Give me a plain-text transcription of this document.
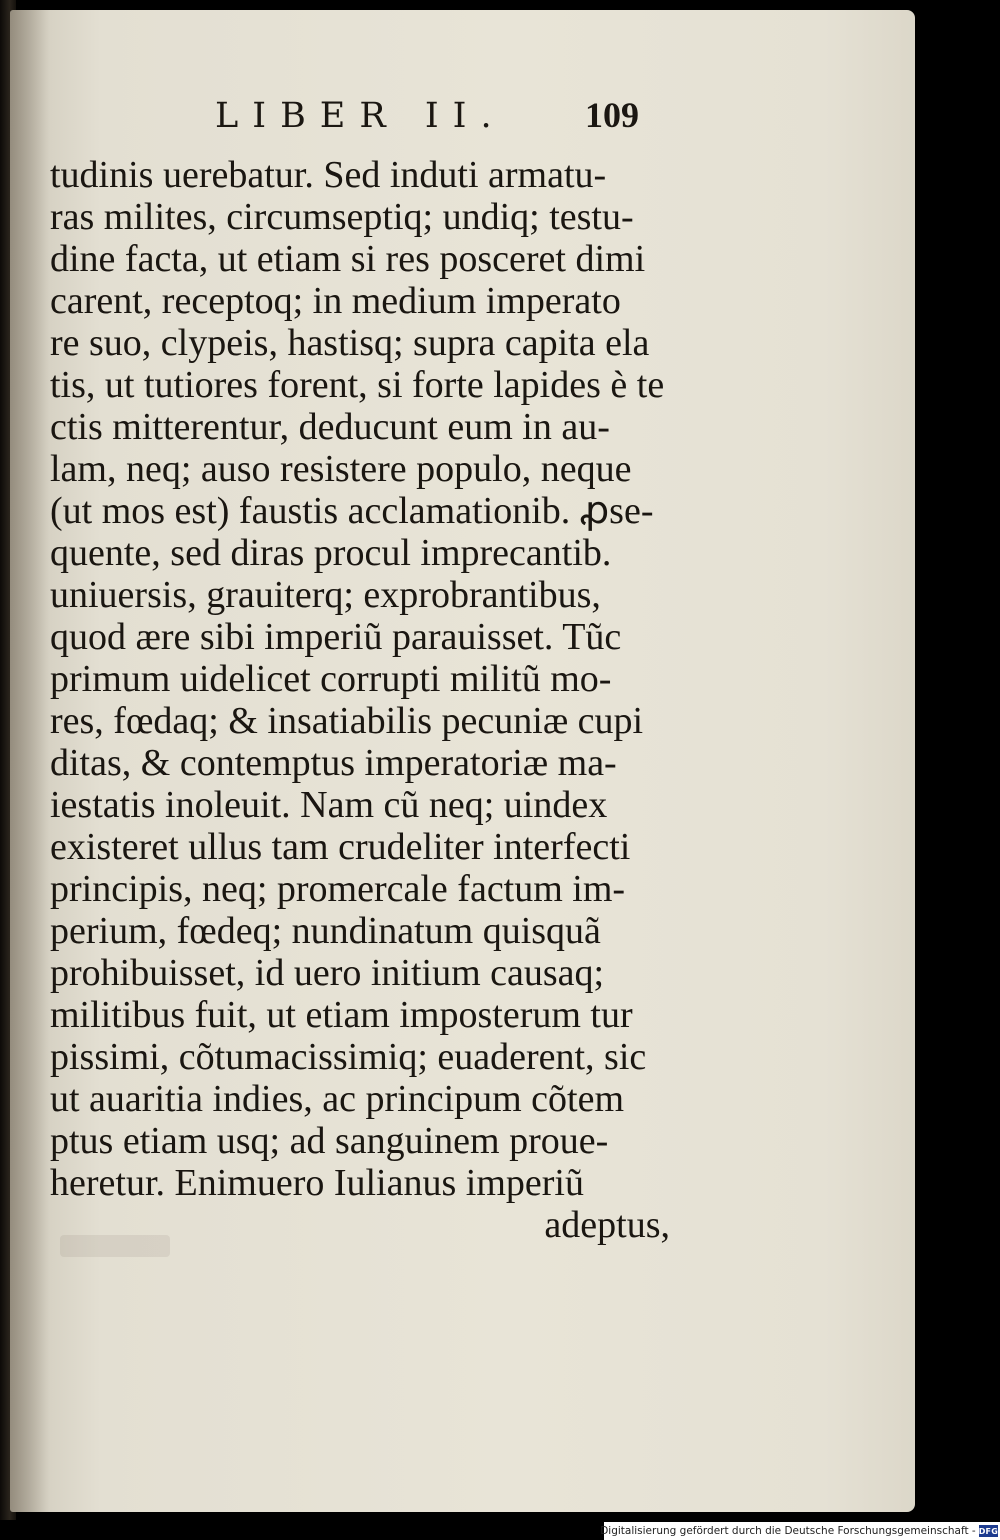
LIBER II. 109
tudinis uerebatur. Sed induti armatu-
ras milites, circumseptiq; undiq; testu-
dine facta, ut etiam si res posceret dimi
carent, receptoq; in medium imperato
re suo, clypeis, hastisq; supra capita ela
tis, ut tutiores forent, si forte lapides è te
ctis mitterentur, deducunt eum in au-
lam, neq; auso resistere populo, neque
(ut mos est) faustis acclamationib. ꝓse-
quente, sed diras procul imprecantib.
uniuersis, grauiterq; exprobrantibus,
quod ære sibi imperiũ parauisset. Tũc
primum uidelicet corrupti militũ mo-
res, fœdaq; & insatiabilis pecuniæ cupi
ditas, & contemptus imperatoriæ ma-
iestatis inoleuit. Nam cũ neq; uindex
existeret ullus tam crudeliter interfecti
principis, neq; promercale factum im-
perium, fœdeq; nundinatum quisquã
prohibuisset, id uero initium causaq;
militibus fuit, ut etiam imposterum tur
pissimi, cõtumacissimiq; euaderent, sic
ut auaritia indies, ac principum cõtem
ptus etiam usq; ad sanguinem proue-
heretur. Enimuero Iulianus imperiũ
adeptus,
Digitalisierung gefördert durch die Deutsche Forschungsgemeinschaft - DFG
